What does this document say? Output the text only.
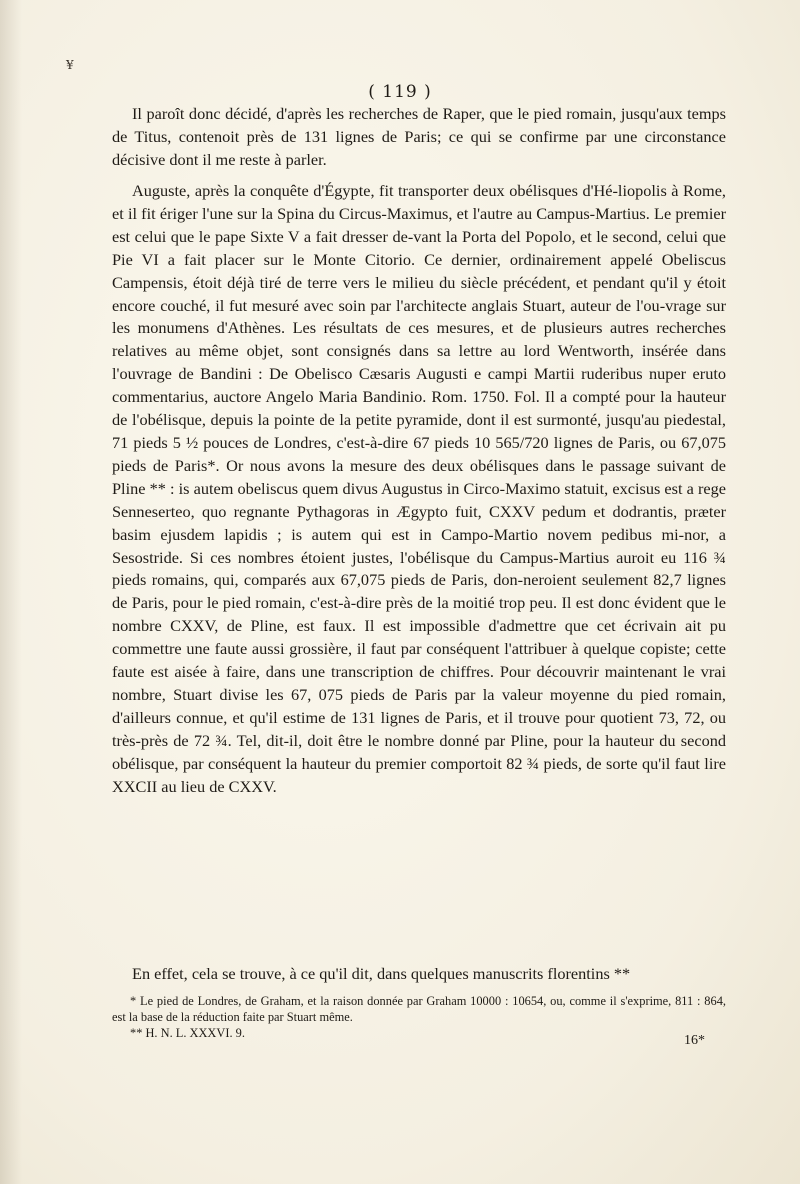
¥
( 119 )

Il paroît donc décidé, d'après les recherches de Raper, que le pied romain, jusqu'aux temps de Titus, contenoit près de 131 lignes de Paris; ce qui se confirme par une circonstance décisive dont il me reste à parler.

Auguste, après la conquête d'Égypte, fit transporter deux obélisques d'Hé-liopolis à Rome, et il fit ériger l'une sur la Spina du Circus-Maximus, et l'autre au Campus-Martius. Le premier est celui que le pape Sixte V a fait dresser de-vant la Porta del Popolo, et le second, celui que Pie VI a fait placer sur le Monte Citorio. Ce dernier, ordinairement appelé Obeliscus Campensis, étoit déjà tiré de terre vers le milieu du siècle précédent, et pendant qu'il y étoit encore couché, il fut mesuré avec soin par l'architecte anglais Stuart, auteur de l'ou-vrage sur les monumens d'Athènes. Les résultats de ces mesures, et de plusieurs autres recherches relatives au même objet, sont consignés dans sa lettre au lord Wentworth, insérée dans l'ouvrage de Bandini : De Obelisco Cæsaris Augusti e campi Martii ruderibus nuper eruto commentarius, auctore Angelo Maria Bandinio. Rom. 1750. Fol. Il a compté pour la hauteur de l'obélisque, depuis la pointe de la petite pyramide, dont il est surmonté, jusqu'au piedestal, 71 pieds 5 ½ pouces de Londres, c'est-à-dire 67 pieds 10 565/720 lignes de Paris, ou 67,075 pieds de Paris*. Or nous avons la mesure des deux obélisques dans le passage suivant de Pline ** : is autem obeliscus quem divus Augustus in Circo-Maximo statuit, excisus est a rege Senneserteo, quo regnante Pythagoras in Ægypto fuit, CXXV pedum et dodrantis, præter basim ejusdem lapidis ; is autem qui est in Campo-Martio novem pedibus mi-nor, a Sesostride. Si ces nombres étoient justes, l'obélisque du Campus-Martius auroit eu 116 ¾ pieds romains, qui, comparés aux 67,075 pieds de Paris, don-neroient seulement 82,7 lignes de Paris, pour le pied romain, c'est-à-dire près de la moitié trop peu. Il est donc évident que le nombre CXXV, de Pline, est faux. Il est impossible d'admettre que cet écrivain ait pu commettre une faute aussi grossière, il faut par conséquent l'attribuer à quelque copiste; cette faute est aisée à faire, dans une transcription de chiffres. Pour découvrir maintenant le vrai nombre, Stuart divise les 67, 075 pieds de Paris par la valeur moyenne du pied romain, d'ailleurs connue, et qu'il estime de 131 lignes de Paris, et il trouve pour quotient 73, 72, ou très-près de 72 ¾. Tel, dit-il, doit être le nombre donné par Pline, pour la hauteur du second obélisque, par conséquent la hauteur du premier comportoit 82 ¾ pieds, de sorte qu'il faut lire XXCII au lieu de CXXV.

En effet, cela se trouve, à ce qu'il dit, dans quelques manuscrits florentins **

* Le pied de Londres, de Graham, et la raison donnée par Graham 10000 : 10654, ou, comme il s'exprime, 811 : 864, est la base de la réduction faite par Stuart même.

** H. N. L. XXXVI. 9.	16*
